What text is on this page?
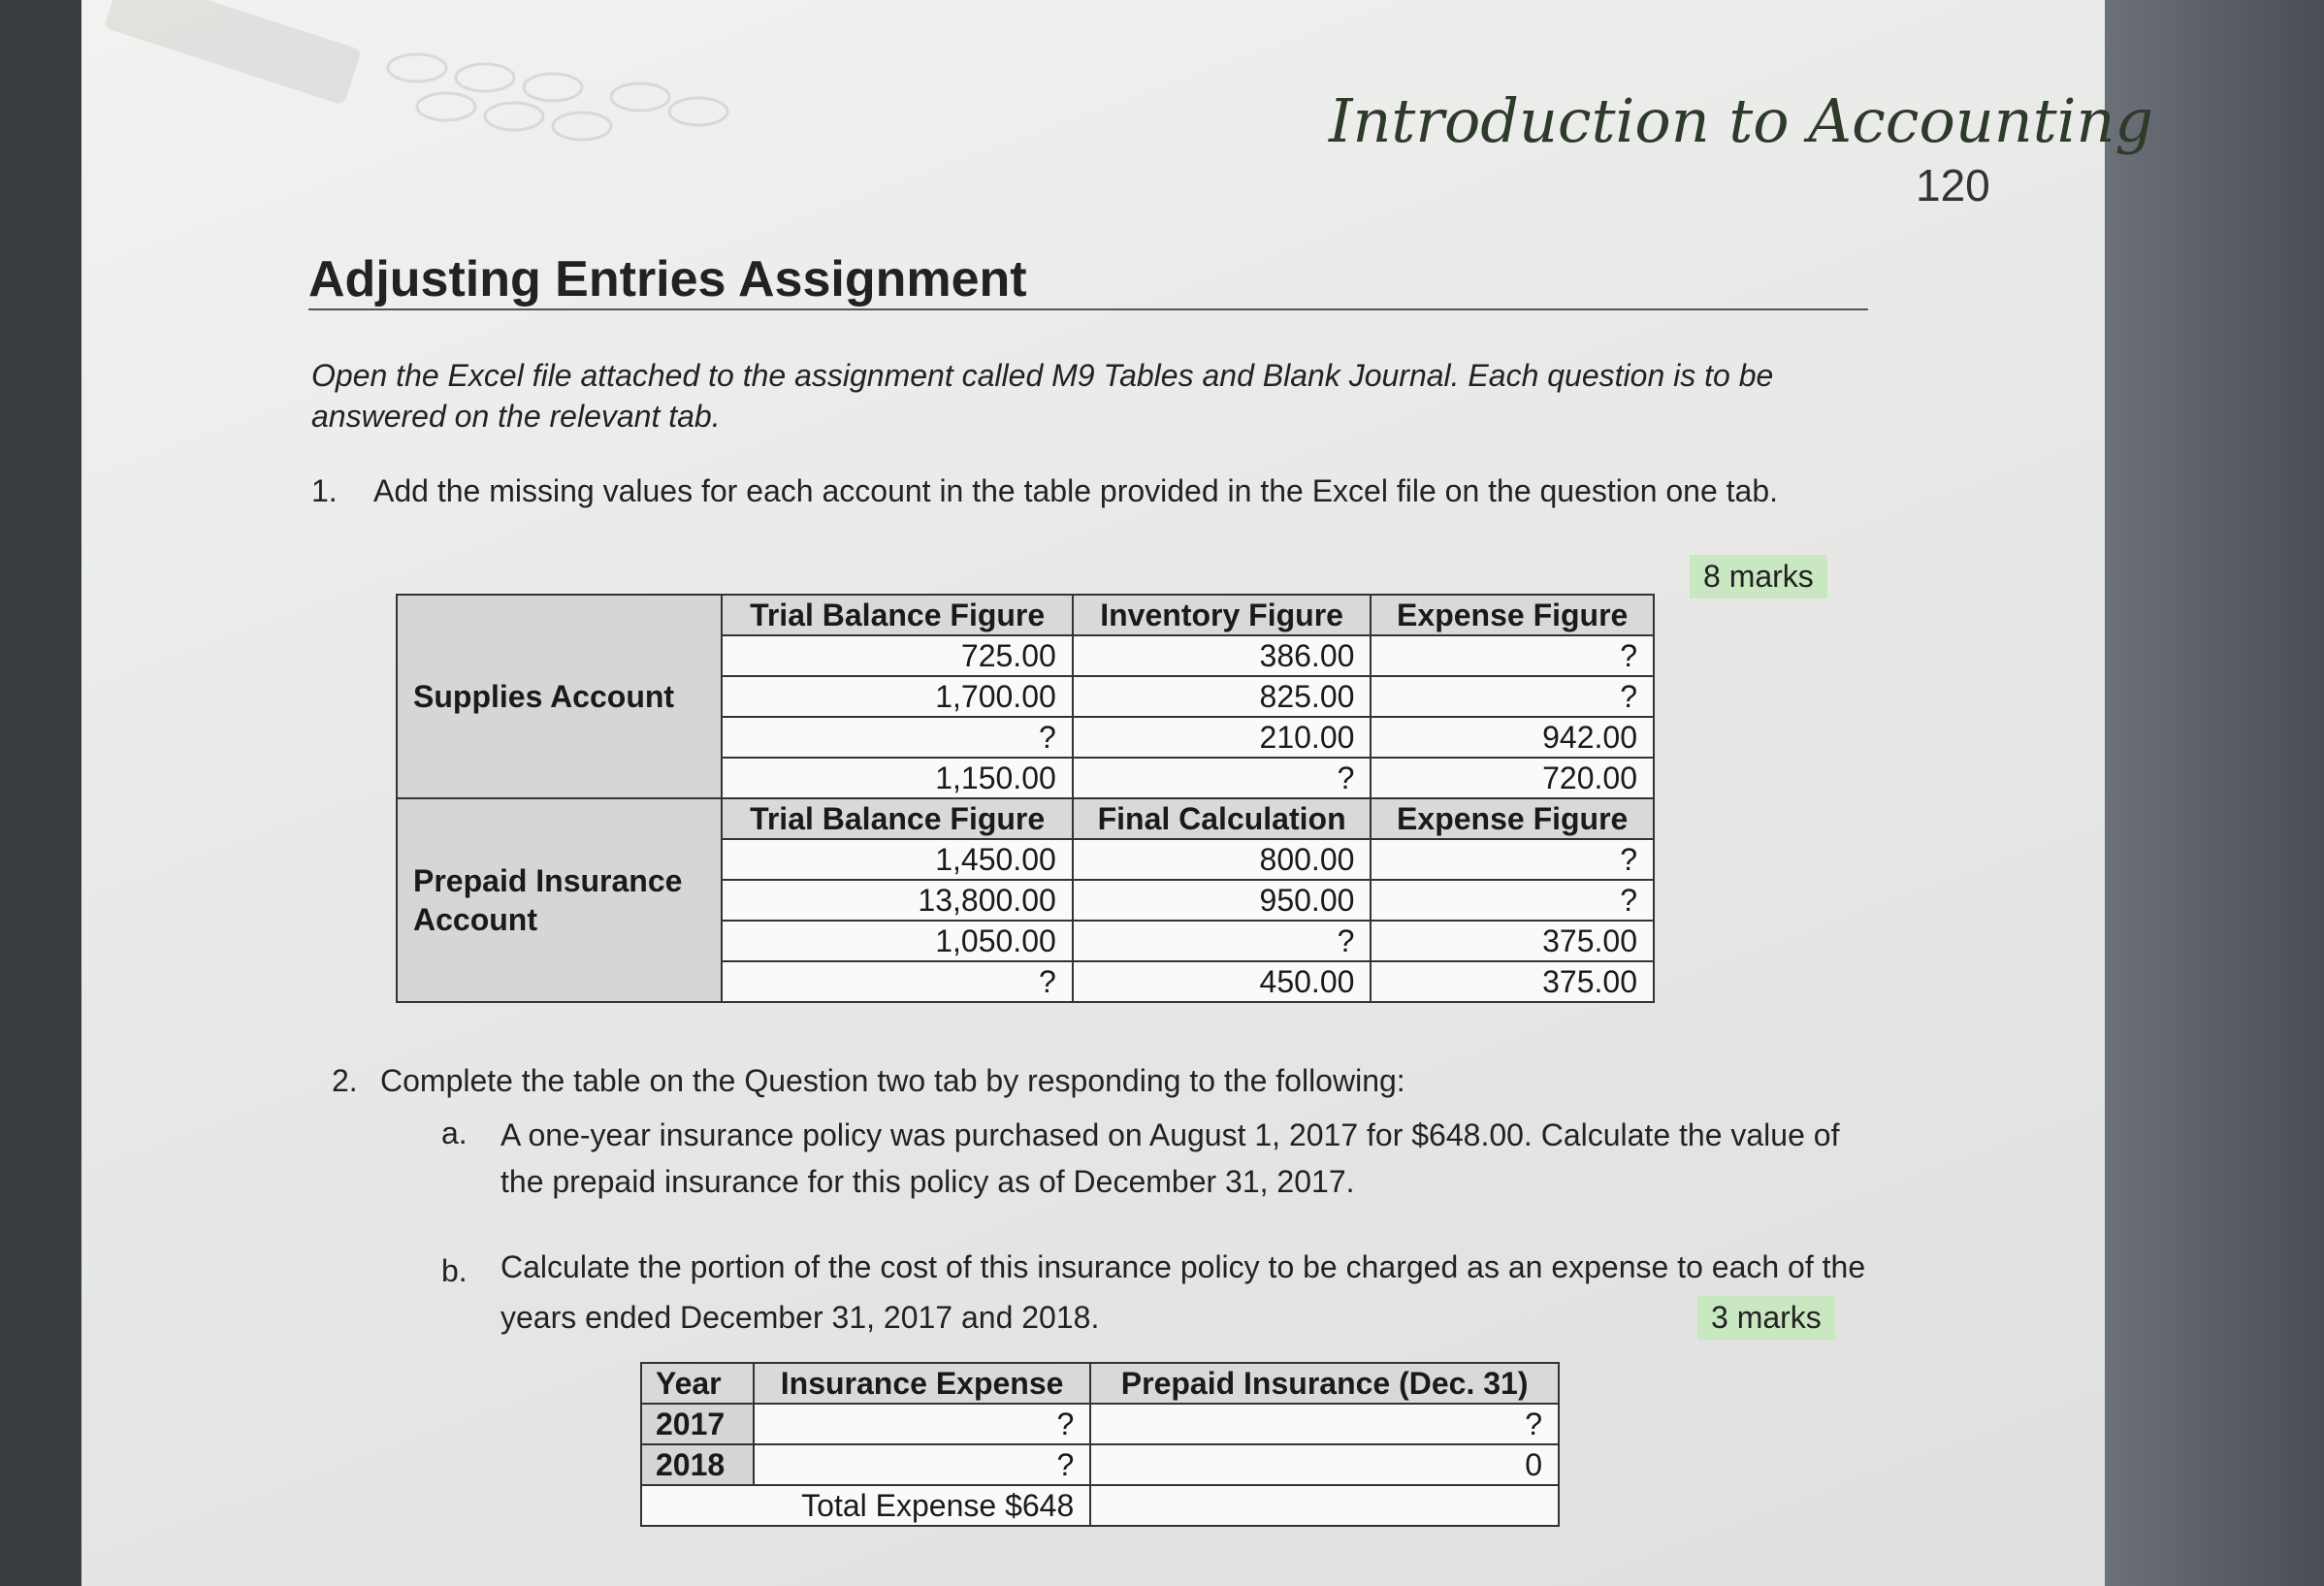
Introduction to Accounting
120
Adjusting Entries Assignment
Open the Excel file attached to the assignment called M9 Tables and Blank Journal. Each question is to be answered on the relevant tab.
1. Add the missing values for each account in the table provided in the Excel file on the question one tab.
8 marks
Supplies Account	Trial Balance Figure	Inventory Figure	Expense Figure
	725.00	386.00	?
	1,700.00	825.00	?
	?	210.00	942.00
	1,150.00	?	720.00
Prepaid Insurance Account	Trial Balance Figure	Final Calculation	Expense Figure
	1,450.00	800.00	?
	13,800.00	950.00	?
	1,050.00	?	375.00
	?	450.00	375.00
2. Complete the table on the Question two tab by responding to the following:
a. A one-year insurance policy was purchased on August 1, 2017 for $648.00. Calculate the value of the prepaid insurance for this policy as of December 31, 2017.
b. Calculate the portion of the cost of this insurance policy to be charged as an expense to each of the years ended December 31, 2017 and 2018.	3 marks
Year	Insurance Expense	Prepaid Insurance (Dec. 31)
2017	?	?
2018	?	0
Total Expense $648		
